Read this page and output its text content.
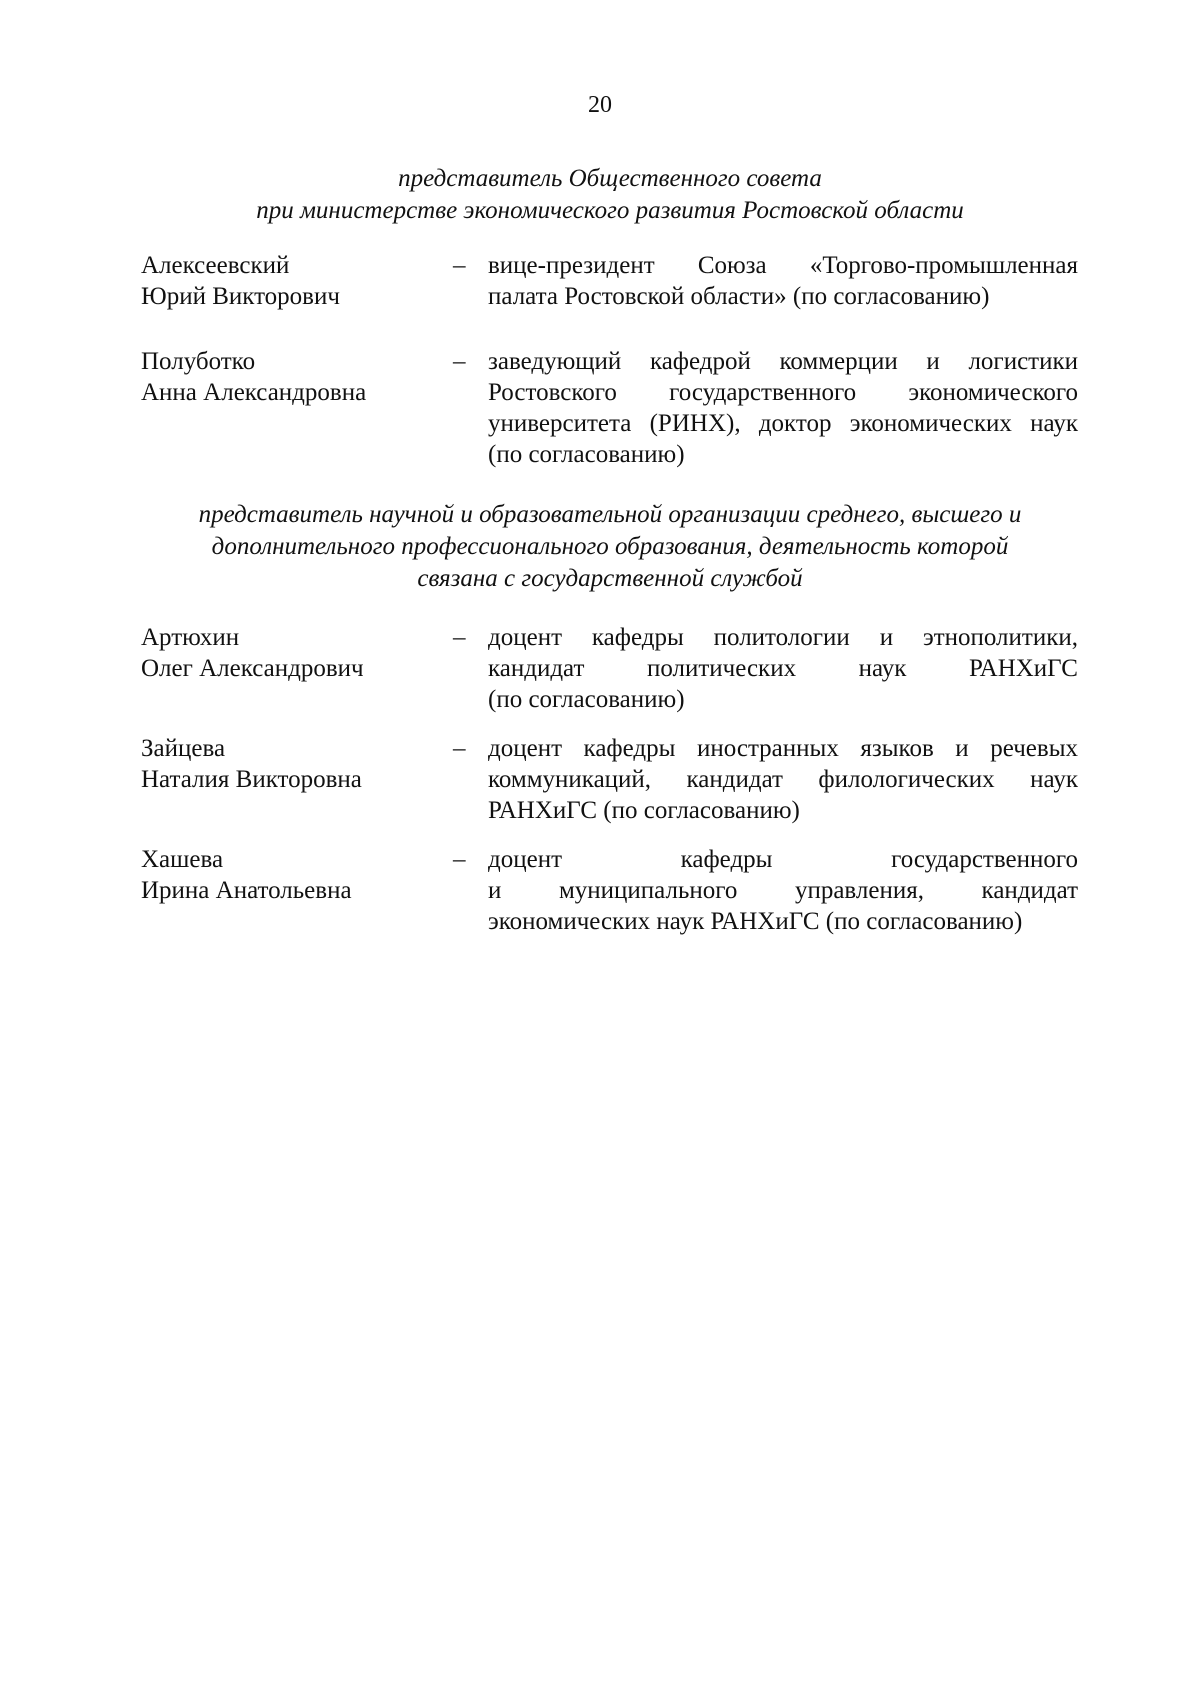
20
представитель Общественного совета
при министерстве экономического развития Ростовской области
Алексеевский
Юрий Викторович
– вице-президент Союза «Торгово-промышленная
палата Ростовской области» (по согласованию)
Полуботко
Анна Александровна
– заведующий кафедрой коммерции и логистики
Ростовского государственного экономического
университета (РИНХ), доктор экономических наук
(по согласованию)
представитель научной и образовательной организации среднего, высшего и
дополнительного профессионального образования, деятельность которой
связана с государственной службой
Артюхин
Олег Александрович
– доцент кафедры политологии и этнополитики,
кандидат политических наук РАНХиГС
(по согласованию)
Зайцева
Наталия Викторовна
– доцент кафедры иностранных языков и речевых
коммуникаций, кандидат филологических наук
РАНХиГС (по согласованию)
Хашева
Ирина Анатольевна
– доцент кафедры государственного
и муниципального управления, кандидат
экономических наук РАНХиГС (по согласованию)
